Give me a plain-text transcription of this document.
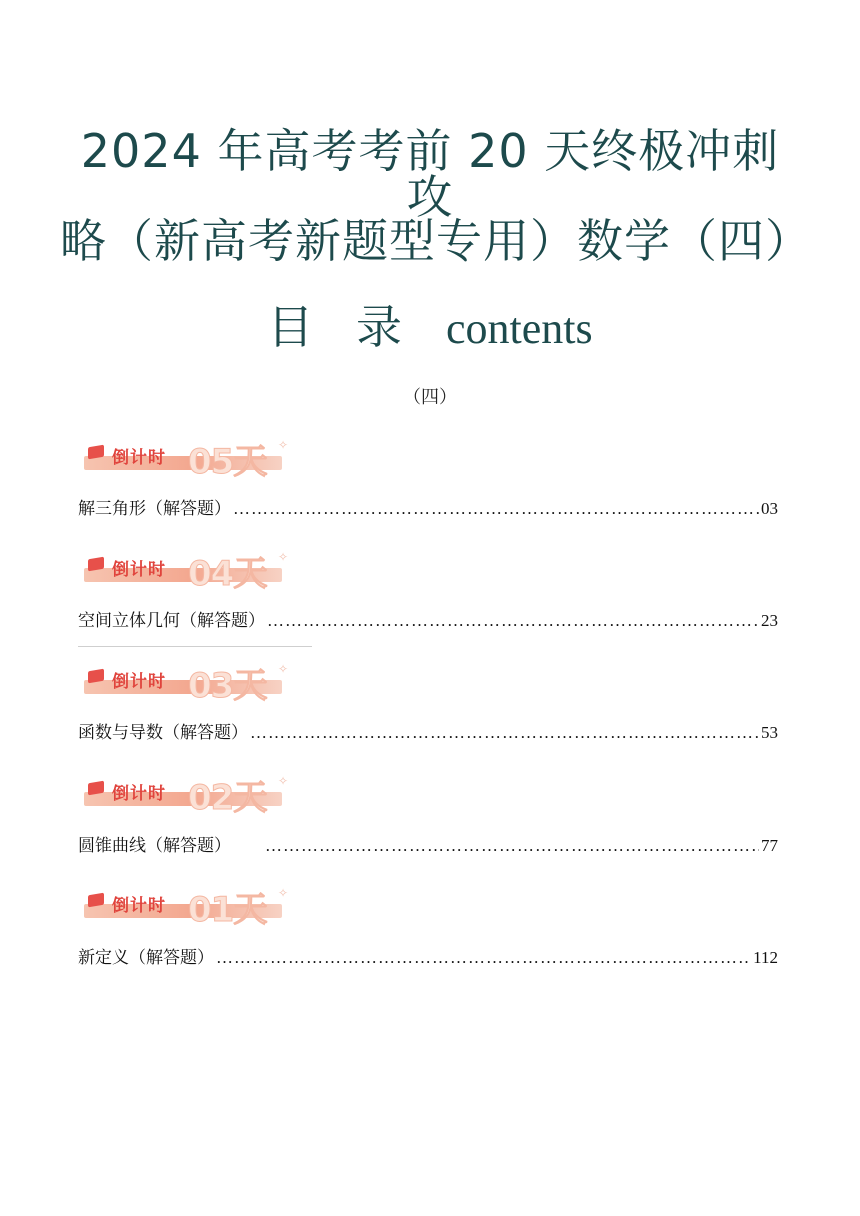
2024 年高考考前 20 天终极冲刺攻
略（新高考新题型专用）数学（四）
目 录 contents
（四）
倒计时 05天 ✧
解三角形（解答题） …………………………………………………………………………………………………………………………………………	03
倒计时 04天 ✧
空间立体几何（解答题） …………………………………………………………………………………………………………………………………………	23
倒计时 03天 ✧
函数与导数（解答题） …………………………………………………………………………………………………………………………………………	53
倒计时 02天 ✧
圆锥曲线（解答题） …………………………………………………………………………………………………………………………………………	77
倒计时 01天 ✧
新定义（解答题） …………………………………………………………………………………………………………………………………………	112
